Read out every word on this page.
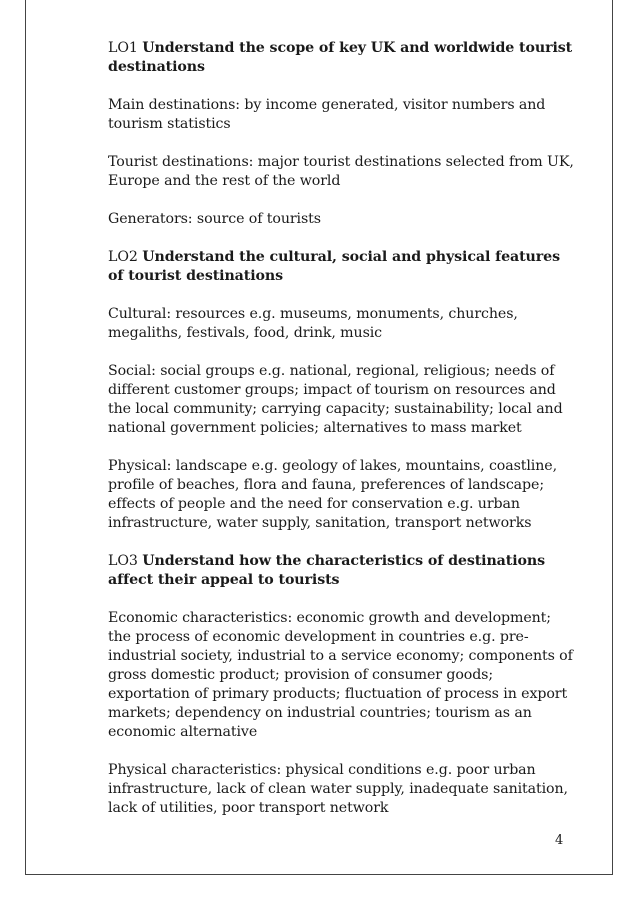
LO1 Understand the scope of key UK and worldwide tourist destinations

Main destinations: by income generated, visitor numbers and tourism statistics

Tourist destinations: major tourist destinations selected from UK, Europe and the rest of the world

Generators: source of tourists

LO2 Understand the cultural, social and physical features of tourist destinations

Cultural: resources e.g. museums, monuments, churches, megaliths, festivals, food, drink, music

Social: social groups e.g. national, regional, religious; needs of different customer groups; impact of tourism on resources and the local community; carrying capacity; sustainability; local and national government policies; alternatives to mass market

Physical: landscape e.g. geology of lakes, mountains, coastline, profile of beaches, flora and fauna, preferences of landscape; effects of people and the need for conservation e.g. urban infrastructure, water supply, sanitation, transport networks

LO3 Understand how the characteristics of destinations affect their appeal to tourists

Economic characteristics: economic growth and development; the process of economic development in countries e.g. pre-industrial society, industrial to a service economy; components of gross domestic product; provision of consumer goods; exportation of primary products; fluctuation of process in export markets; dependency on industrial countries; tourism as an economic alternative

Physical characteristics: physical conditions e.g. poor urban infrastructure, lack of clean water supply, inadequate sanitation, lack of utilities, poor transport network

4
